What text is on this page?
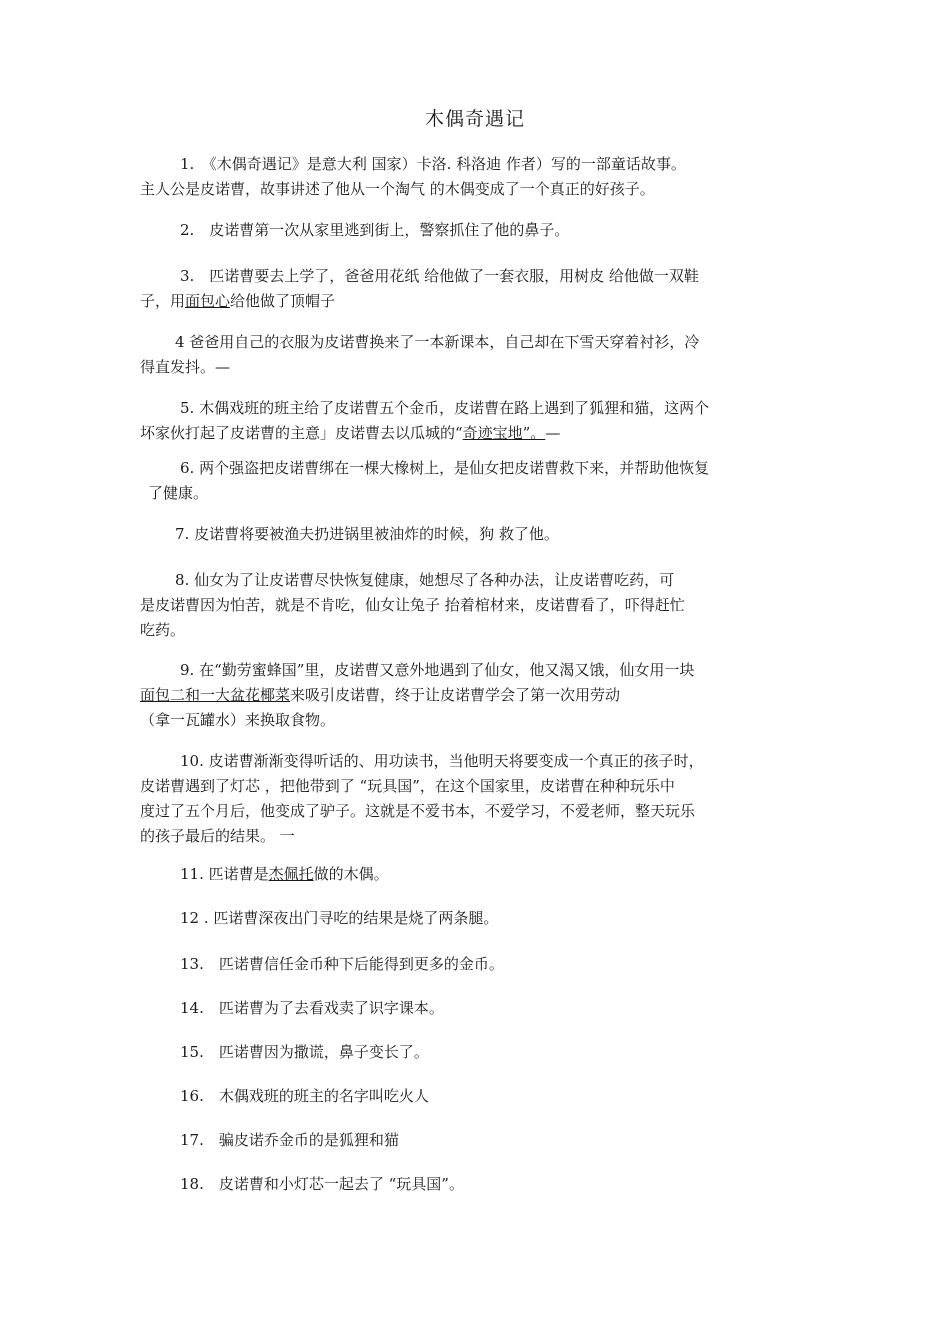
木偶奇遇记
1.　《木偶奇遇记》是意大利 国家）卡洛. 科洛迪 作者）写的一部童话故事。
主人公是皮诺曹，故事讲述了他从一个淘气 的木偶变成了一个真正的好孩子。
2.　皮诺曹第一次从家里逃到街上，警察抓住了他的鼻子。
3.　匹诺曹要去上学了，爸爸用花纸 给他做了一套衣服，用树皮 给他做一双鞋
子，用面包心给他做了顶帽子
4 爸爸用自己的衣服为皮诺曹换来了一本新课本，自己却在下雪天穿着衬衫，冷
得直发抖。—
5. 木偶戏班的班主给了皮诺曹五个金币，皮诺曹在路上遇到了狐狸和猫，这两个
坏家伙打起了皮诺曹的主意」皮诺曹去以瓜城的“奇迹宝地”。—
6. 两个强盗把皮诺曹绑在一棵大橡树上，是仙女把皮诺曹救下来，并帮助他恢复
了健康。
7. 皮诺曹将要被渔夫扔进锅里被油炸的时候，狗 救了他。
8. 仙女为了让皮诺曹尽快恢复健康，她想尽了各种办法，让皮诺曹吃药，可
是皮诺曹因为怕苦，就是不肯吃，仙女让兔子 抬着棺材来，皮诺曹看了，吓得赶忙
吃药。
9. 在“勤劳蜜蜂国”里，皮诺曹又意外地遇到了仙女，他又渴又饿，仙女用一块
面包二和一大盆花椰菜来吸引皮诺曹，终于让皮诺曹学会了第一次用劳动
（拿一瓦罐水）来换取食物。
10. 皮诺曹渐渐变得听话的、用功读书，当他明天将要变成一个真正的孩子时，
皮诺曹遇到了灯芯 ，把他带到了 “玩具国”，在这个国家里，皮诺曹在种种玩乐中
度过了五个月后，他变成了驴子。这就是不爱书本，不爱学习，不爱老师，整天玩乐
的孩子最后的结果。 一
11. 匹诺曹是杰佩托做的木偶。
12 . 匹诺曹深夜出门寻吃的结果是烧了两条腿。
13.　匹诺曹信任金币种下后能得到更多的金币。
14.　匹诺曹为了去看戏卖了识字课本。
15.　匹诺曹因为撒谎，鼻子变长了。
16.　木偶戏班的班主的名字叫吃火人
17.　骗皮诺乔金币的是狐狸和猫
18.　皮诺曹和小灯芯一起去了 “玩具国”。
